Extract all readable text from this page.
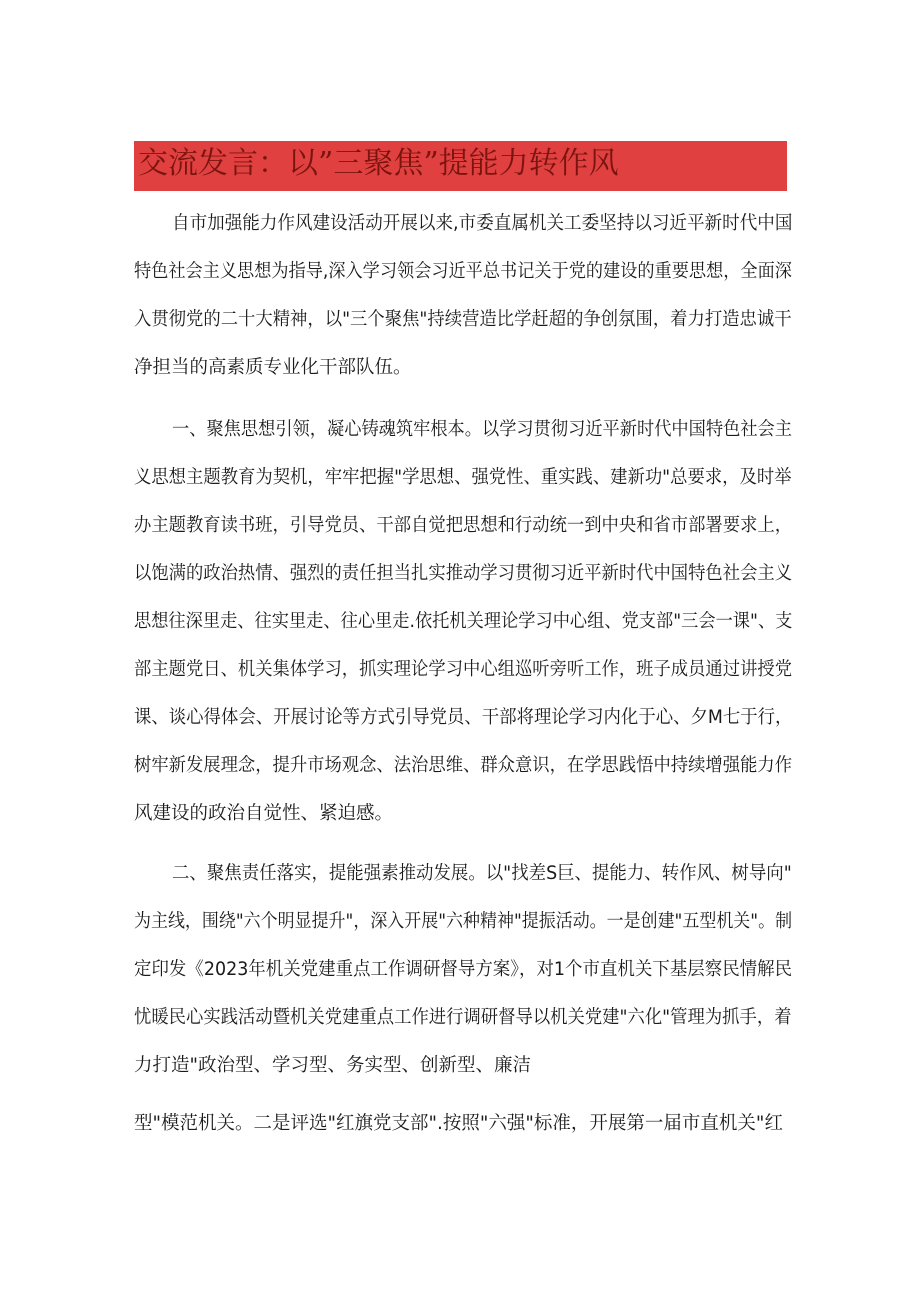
交流发言：以”三聚焦”提能力转作风
自市加强能力作风建设活动开展以来,市委直属机关工委坚持以习近平新时代中国
特色社会主义思想为指导,深入学习领会习近平总书记关于党的建设的重要思想，全面深
入贯彻党的二十大精神，以"三个聚焦"持续营造比学赶超的争创氛围，着力打造忠诚干
净担当的高素质专业化干部队伍。
一、聚焦思想引领，凝心铸魂筑牢根本。以学习贯彻习近平新时代中国特色社会主
义思想主题教育为契机，牢牢把握"学思想、强党性、重实践、建新功"总要求，及时举
办主题教育读书班，引导党员、干部自觉把思想和行动统一到中央和省市部署要求上，
以饱满的政治热情、强烈的责任担当扎实推动学习贯彻习近平新时代中国特色社会主义
思想往深里走、往实里走、往心里走.依托机关理论学习中心组、党支部"三会一课"、支
部主题党日、机关集体学习，抓实理论学习中心组巡听旁听工作，班子成员通过讲授党
课、谈心得体会、开展讨论等方式引导党员、干部将理论学习内化于心、夕M七于行，
树牢新发展理念，提升市场观念、法治思维、群众意识，在学思践悟中持续增强能力作
风建设的政治自觉性、紧迫感。
二、聚焦责任落实，提能强素推动发展。以"找差S巨、提能力、转作风、树导向"
为主线，围绕"六个明显提升"，深入开展"六种精神"提振活动。一是创建"五型机关"。制
定印发《2023年机关党建重点工作调研督导方案》，对1个市直机关下基层察民情解民
忧暖民心实践活动暨机关党建重点工作进行调研督导以机关党建"六化"管理为抓手，着
力打造"政治型、学习型、务实型、创新型、廉洁
型"模范机关。二是评选"红旗党支部".按照"六强"标准，开展第一届市直机关"红
